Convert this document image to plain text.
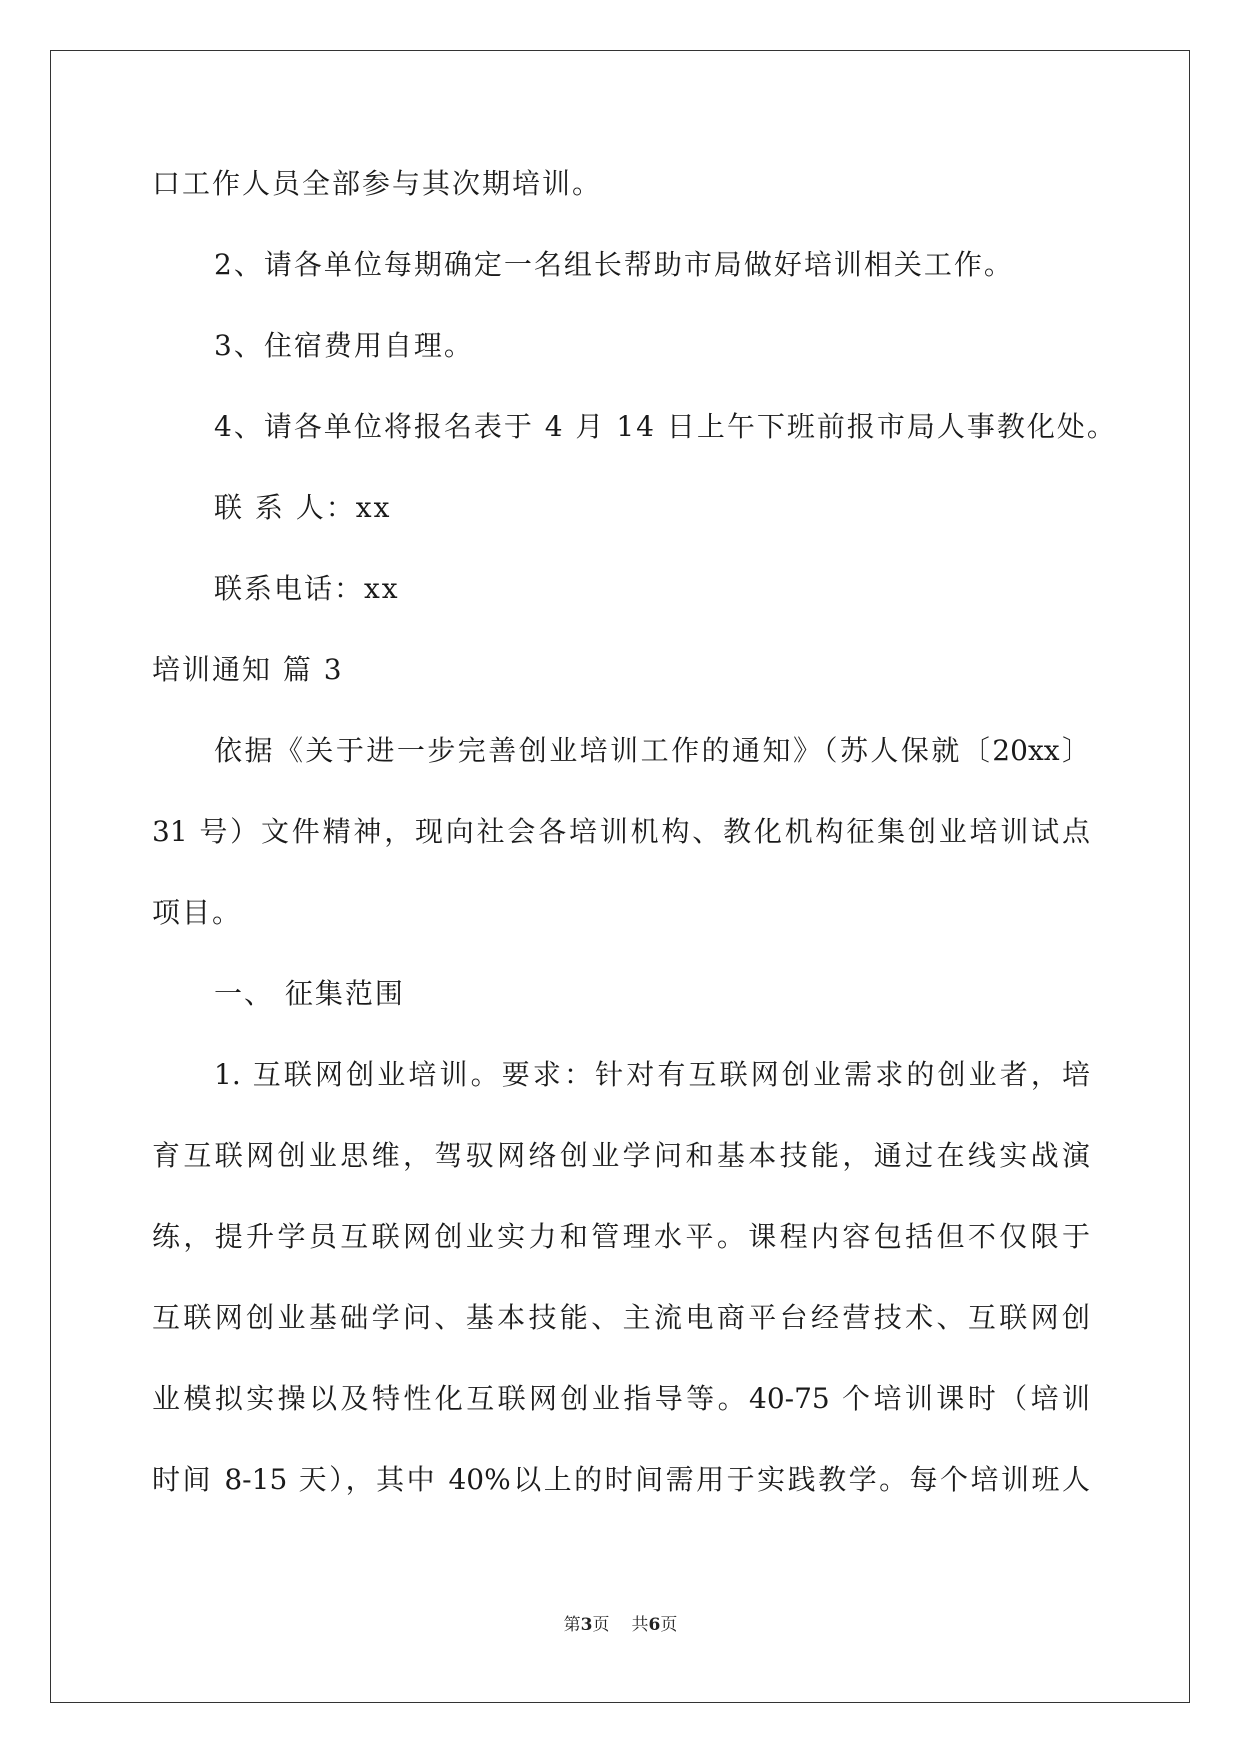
口工作人员全部参与其次期培训。
2、请各单位每期确定一名组长帮助市局做好培训相关工作。
3、住宿费用自理。
4、请各单位将报名表于 4 月 14 日上午下班前报市局人事教化处。
联 系 人：xx
联系电话：xx
培训通知 篇 3
依据《关于进一步完善创业培训工作的通知》（苏人保就〔20xx〕
31 号）文件精神，现向社会各培训机构、教化机构征集创业培训试点
项目。
一、 征集范围
1. 互联网创业培训。要求：针对有互联网创业需求的创业者，培
育互联网创业思维，驾驭网络创业学问和基本技能，通过在线实战演
练，提升学员互联网创业实力和管理水平。课程内容包括但不仅限于
互联网创业基础学问、基本技能、主流电商平台经营技术、互联网创
业模拟实操以及特性化互联网创业指导等。40-75 个培训课时（培训
时间 8-15 天），其中 40%以上的时间需用于实践教学。每个培训班人
第3页 共6页
